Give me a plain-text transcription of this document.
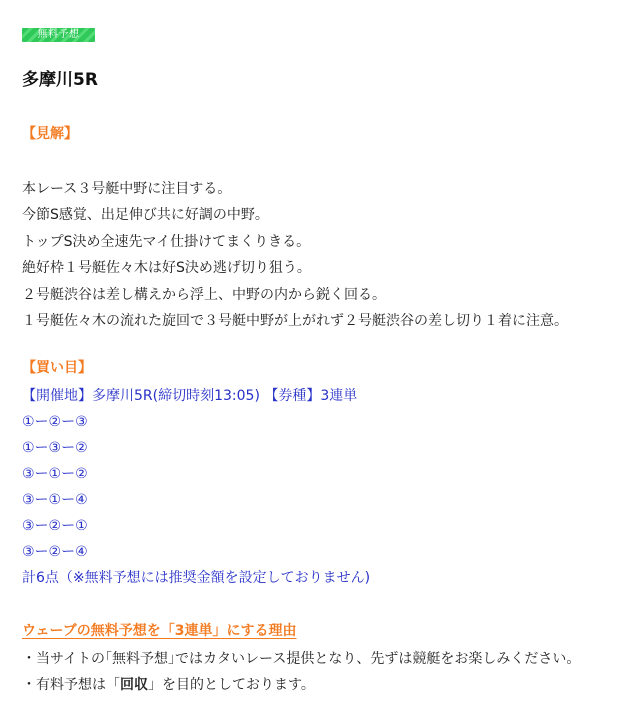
無料予想
多摩川5R
【見解】
本レース３号艇中野に注目する。
今節S感覚、出足伸び共に好調の中野。
トップS決め全速先マイ仕掛けてまくりきる。
絶好枠１号艇佐々木は好S決め逃げ切り狙う。
２号艇渋谷は差し構えから浮上、中野の内から鋭く回る。
１号艇佐々木の流れた旋回で３号艇中野が上がれず２号艇渋谷の差し切り１着に注意。
【買い目】
【開催地】多摩川5R(締切時刻13:05) 【券種】3連単
①ー②ー③
①ー③ー②
③ー①ー②
③ー①ー④
③ー②ー①
③ー②ー④
計6点（※無料予想には推奨金額を設定しておりません)
ウェーブの無料予想を「3連単」にする理由
・当サイトの｢無料予想｣ではカタいレース提供となり、先ずは競艇をお楽しみください。
・有料予想は「回収」を目的としております。
